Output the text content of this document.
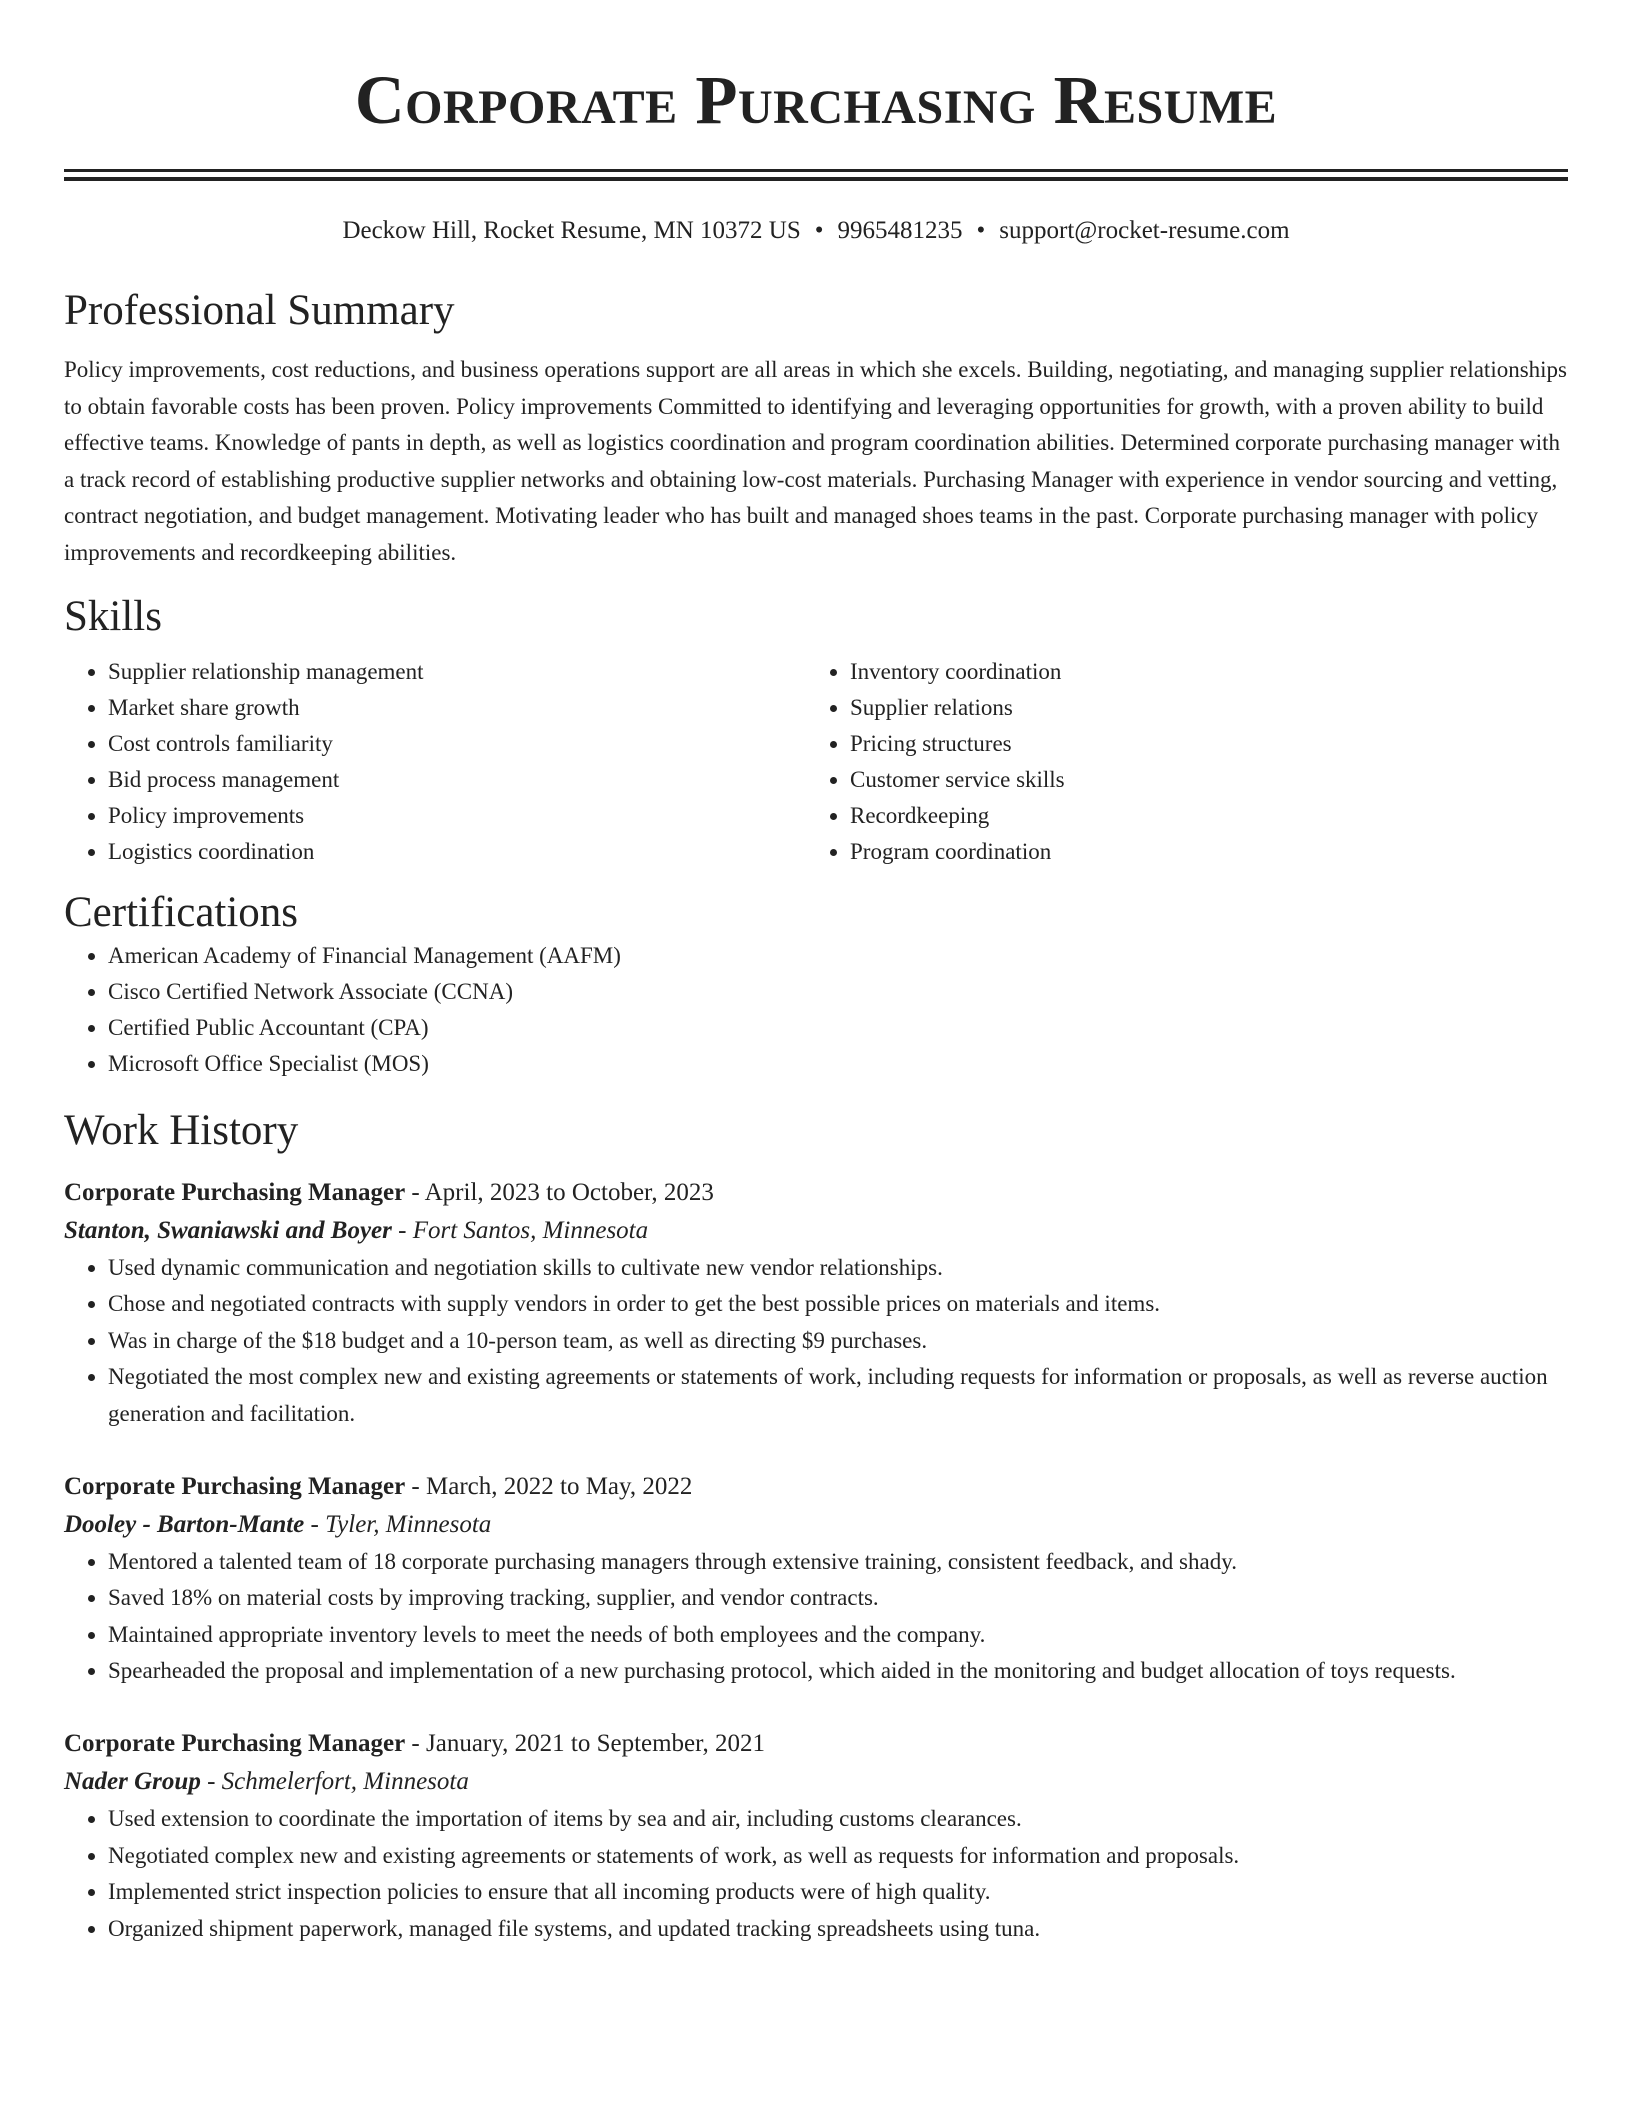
Corporate Purchasing Resume
Deckow Hill, Rocket Resume, MN 10372 US • 9965481235 • support@rocket-resume.com
Professional Summary

Policy improvements, cost reductions, and business operations support are all areas in which she excels. Building, negotiating, and managing supplier relationships to obtain favorable costs has been proven. Policy improvements Committed to identifying and leveraging opportunities for growth, with a proven ability to build effective teams. Knowledge of pants in depth, as well as logistics coordination and program coordination abilities. Determined corporate purchasing manager with a track record of establishing productive supplier networks and obtaining low-cost materials. Purchasing Manager with experience in vendor sourcing and vetting, contract negotiation, and budget management. Motivating leader who has built and managed shoes teams in the past. Corporate purchasing manager with policy improvements and recordkeeping abilities.

Skills
• Supplier relationship management
• Market share growth
• Cost controls familiarity
• Bid process management
• Policy improvements
• Logistics coordination
• Inventory coordination
• Supplier relations
• Pricing structures
• Customer service skills
• Recordkeeping
• Program coordination
Certifications
• American Academy of Financial Management (AAFM)
• Cisco Certified Network Associate (CCNA)
• Certified Public Accountant (CPA)
• Microsoft Office Specialist (MOS)
Work History
Corporate Purchasing Manager - April, 2023 to October, 2023
Stanton, Swaniawski and Boyer - Fort Santos, Minnesota
• Used dynamic communication and negotiation skills to cultivate new vendor relationships.
• Chose and negotiated contracts with supply vendors in order to get the best possible prices on materials and items.
• Was in charge of the $18 budget and a 10-person team, as well as directing $9 purchases.
• Negotiated the most complex new and existing agreements or statements of work, including requests for information or proposals, as well as reverse auction generation and facilitation.
Corporate Purchasing Manager - March, 2022 to May, 2022
Dooley - Barton-Mante - Tyler, Minnesota
• Mentored a talented team of 18 corporate purchasing managers through extensive training, consistent feedback, and shady.
• Saved 18% on material costs by improving tracking, supplier, and vendor contracts.
• Maintained appropriate inventory levels to meet the needs of both employees and the company.
• Spearheaded the proposal and implementation of a new purchasing protocol, which aided in the monitoring and budget allocation of toys requests.
Corporate Purchasing Manager - January, 2021 to September, 2021
Nader Group - Schmelerfort, Minnesota
• Used extension to coordinate the importation of items by sea and air, including customs clearances.
• Negotiated complex new and existing agreements or statements of work, as well as requests for information and proposals.
• Implemented strict inspection policies to ensure that all incoming products were of high quality.
• Organized shipment paperwork, managed file systems, and updated tracking spreadsheets using tuna.
